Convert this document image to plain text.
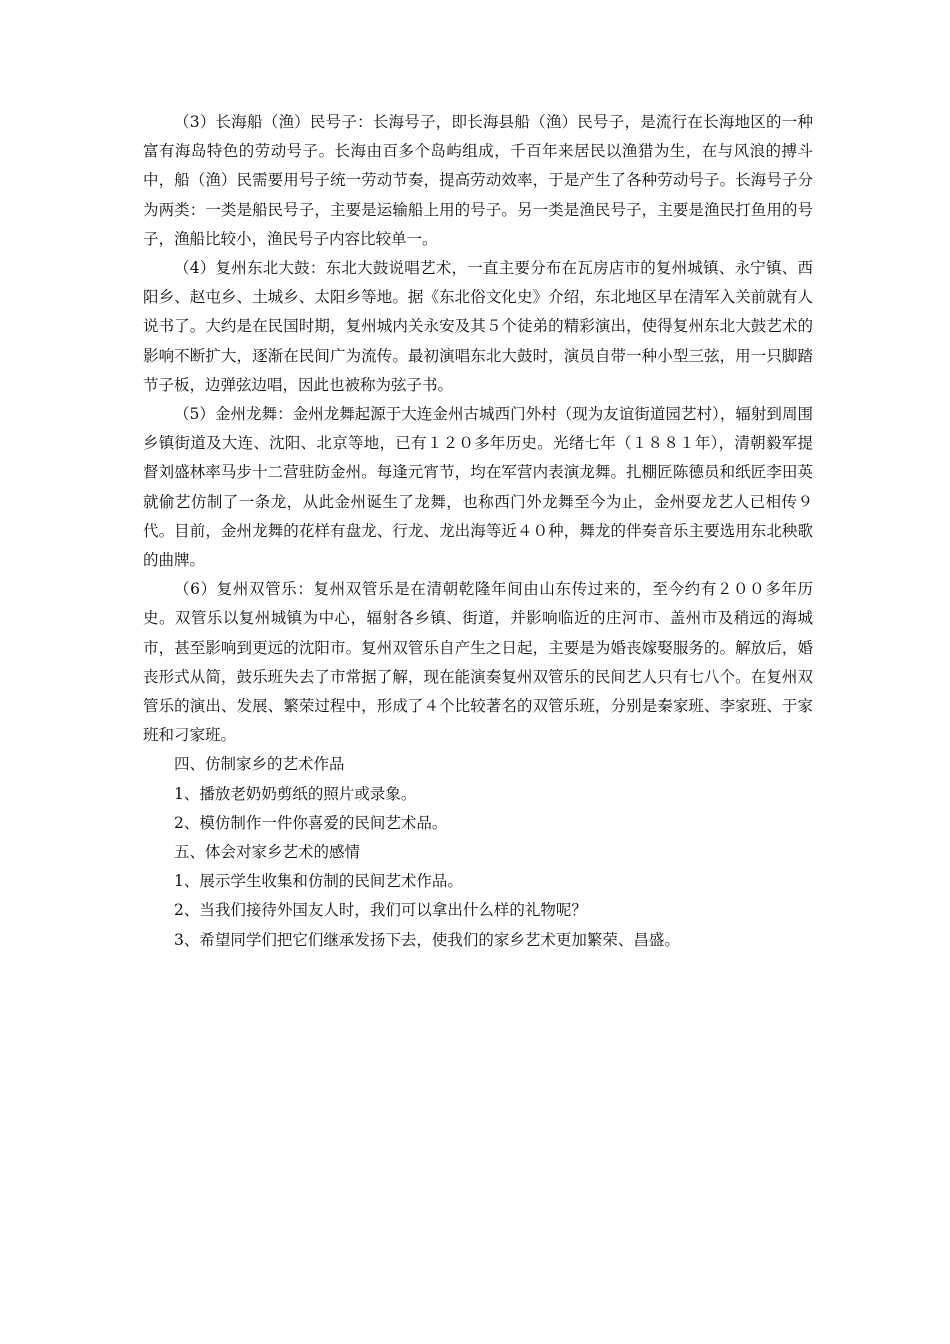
（3）长海船（渔）民号子：长海号子，即长海县船（渔）民号子，是流行在长海地区的一种富有海岛特色的劳动号子。长海由百多个岛屿组成，千百年来居民以渔猎为生，在与风浪的搏斗中，船（渔）民需要用号子统一劳动节奏，提高劳动效率，于是产生了各种劳动号子。长海号子分为两类：一类是船民号子，主要是运输船上用的号子。另一类是渔民号子，主要是渔民打鱼用的号子，渔船比较小，渔民号子内容比较单一。

（4）复州东北大鼓：东北大鼓说唱艺术，一直主要分布在瓦房店市的复州城镇、永宁镇、西阳乡、赵屯乡、土城乡、太阳乡等地。据《东北俗文化史》介绍，东北地区早在清军入关前就有人说书了。大约是在民国时期，复州城内关永安及其５个徒弟的精彩演出，使得复州东北大鼓艺术的影响不断扩大，逐渐在民间广为流传。最初演唱东北大鼓时，演员自带一种小型三弦，用一只脚踏节子板，边弹弦边唱，因此也被称为弦子书。

（5）金州龙舞：金州龙舞起源于大连金州古城西门外村（现为友谊街道园艺村），辐射到周围乡镇街道及大连、沈阳、北京等地，已有１２０多年历史。光绪七年（１８８１年），清朝毅军提督刘盛林率马步十二营驻防金州。每逢元宵节，均在军营内表演龙舞。扎棚匠陈德员和纸匠李田英就偷艺仿制了一条龙，从此金州诞生了龙舞，也称西门外龙舞至今为止，金州耍龙艺人已相传９代。目前，金州龙舞的花样有盘龙、行龙、龙出海等近４０种，舞龙的伴奏音乐主要选用东北秧歌的曲牌。

（6）复州双管乐：复州双管乐是在清朝乾隆年间由山东传过来的，至今约有２００多年历史。双管乐以复州城镇为中心，辐射各乡镇、街道，并影响临近的庄河市、盖州市及稍远的海城市，甚至影响到更远的沈阳市。复州双管乐自产生之日起，主要是为婚丧嫁娶服务的。解放后，婚丧形式从简，鼓乐班失去了市常据了解，现在能演奏复州双管乐的民间艺人只有七八个。在复州双管乐的演出、发展、繁荣过程中，形成了４个比较著名的双管乐班，分别是秦家班、李家班、于家班和刁家班。

四、仿制家乡的艺术作品

1、播放老奶奶剪纸的照片或录象。

2、模仿制作一件你喜爱的民间艺术品。

五、体会对家乡艺术的感情

1、展示学生收集和仿制的民间艺术作品。

2、当我们接待外国友人时，我们可以拿出什么样的礼物呢？

3、希望同学们把它们继承发扬下去，使我们的家乡艺术更加繁荣、昌盛。
